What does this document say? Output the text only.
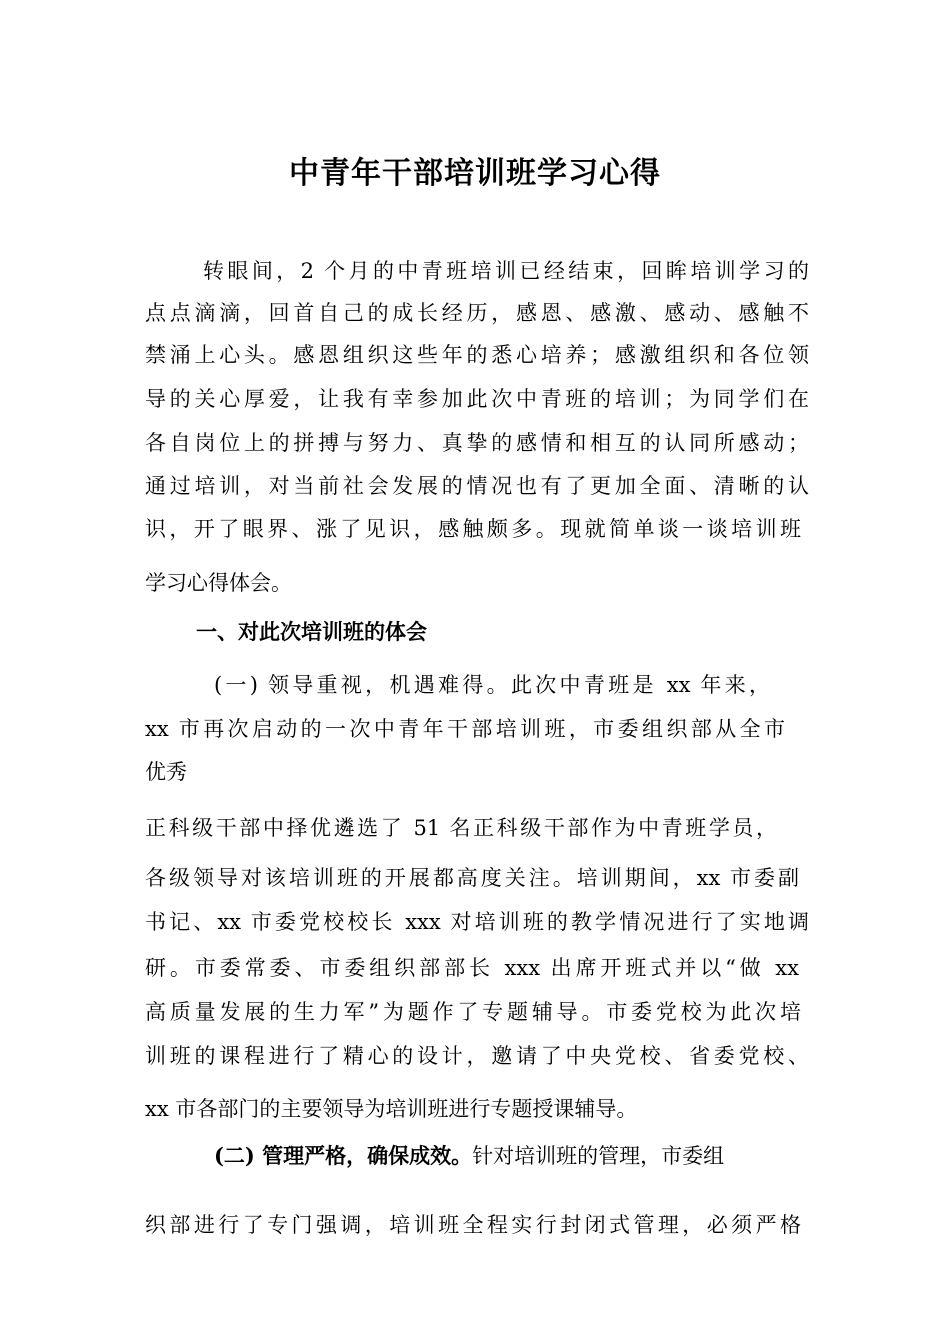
中青年干部培训班学习心得
转眼间，2 个月的中青班培训已经结束，回眸培训学习的
点点滴滴，回首自己的成长经历，感恩、感激、感动、感触不
禁涌上心头。感恩组织这些年的悉心培养；感激组织和各位领
导的关心厚爱，让我有幸参加此次中青班的培训；为同学们在
各自岗位上的拼搏与努力、真挚的感情和相互的认同所感动；
通过培训，对当前社会发展的情况也有了更加全面、清晰的认
识，开了眼界、涨了见识，感触颇多。现就简单谈一谈培训班
学习心得体会。
一、对此次培训班的体会
(一) 领导重视，机遇难得。此次中青班是 xx 年来，
xx 市再次启动的一次中青年干部培训班，市委组织部从全市
优秀
正科级干部中择优遴选了 51 名正科级干部作为中青班学员，
各级领导对该培训班的开展都高度关注。培训期间，xx 市委副
书记、xx 市委党校校长 xxx 对培训班的教学情况进行了实地调
研。市委常委、市委组织部部长 xxx 出席开班式并以“做 xx
高质量发展的生力军”为题作了专题辅导。市委党校为此次培
训班的课程进行了精心的设计，邀请了中央党校、省委党校、
xx 市各部门的主要领导为培训班进行专题授课辅导。
(二) 管理严格，确保成效。针对培训班的管理，市委组
织部进行了专门强调，培训班全程实行封闭式管理，必须严格
